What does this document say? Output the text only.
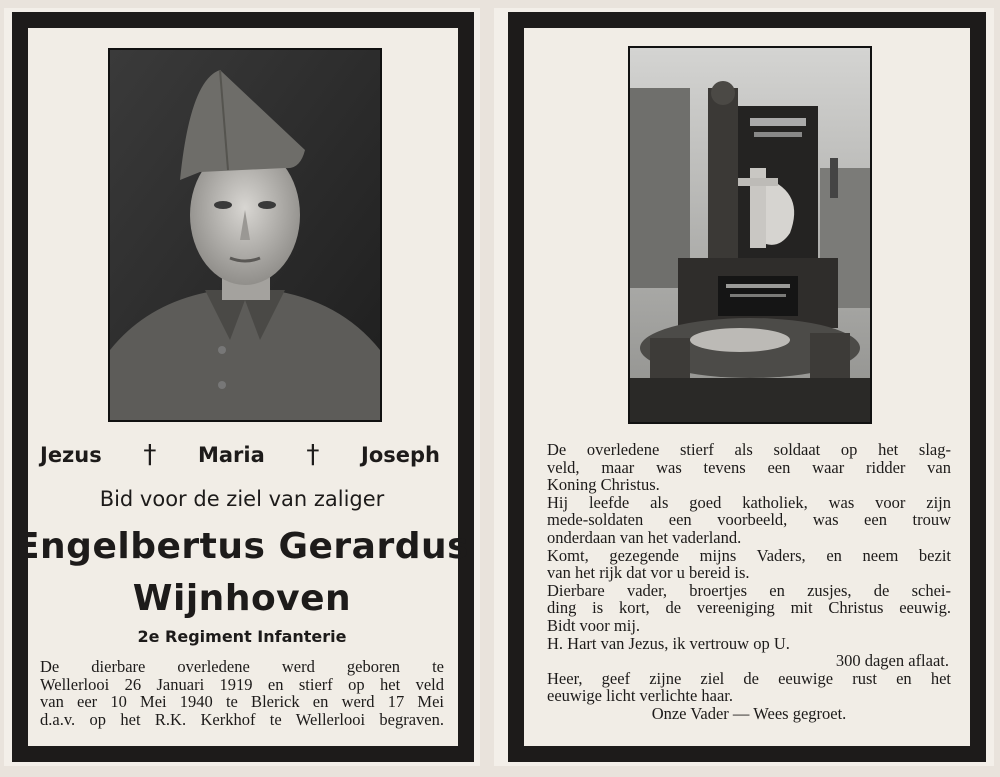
Jezus † Maria † Joseph
Bid voor de ziel van zaliger
Engelbertus Gerardus
Wijnhoven
2e Regiment Infanterie
De dierbare overledene werd geboren te
Wellerlooi 26 Januari 1919 en stierf op het veld
van eer 10 Mei 1940 te Blerick en werd 17 Mei
d.a.v. op het R.K. Kerkhof te Wellerlooi begraven.
De overledene stierf als soldaat op het slag-
veld, maar was tevens een waar ridder van
Koning Christus.
Hij leefde als goed katholiek, was voor zijn
mede-soldaten een voorbeeld, was een trouw
onderdaan van het vaderland.
Komt, gezegende mijns Vaders, en neem bezit
van het rijk dat vor u bereid is.
Dierbare vader, broertjes en zusjes, de schei-
ding is kort, de vereeniging mit Christus eeuwig.
Bidt voor mij.
H. Hart van Jezus, ik vertrouw op U.
300 dagen aflaat.
Heer, geef zijne ziel de eeuwige rust en het
eeuwige licht verlichte haar.
Onze Vader — Wees gegroet.
